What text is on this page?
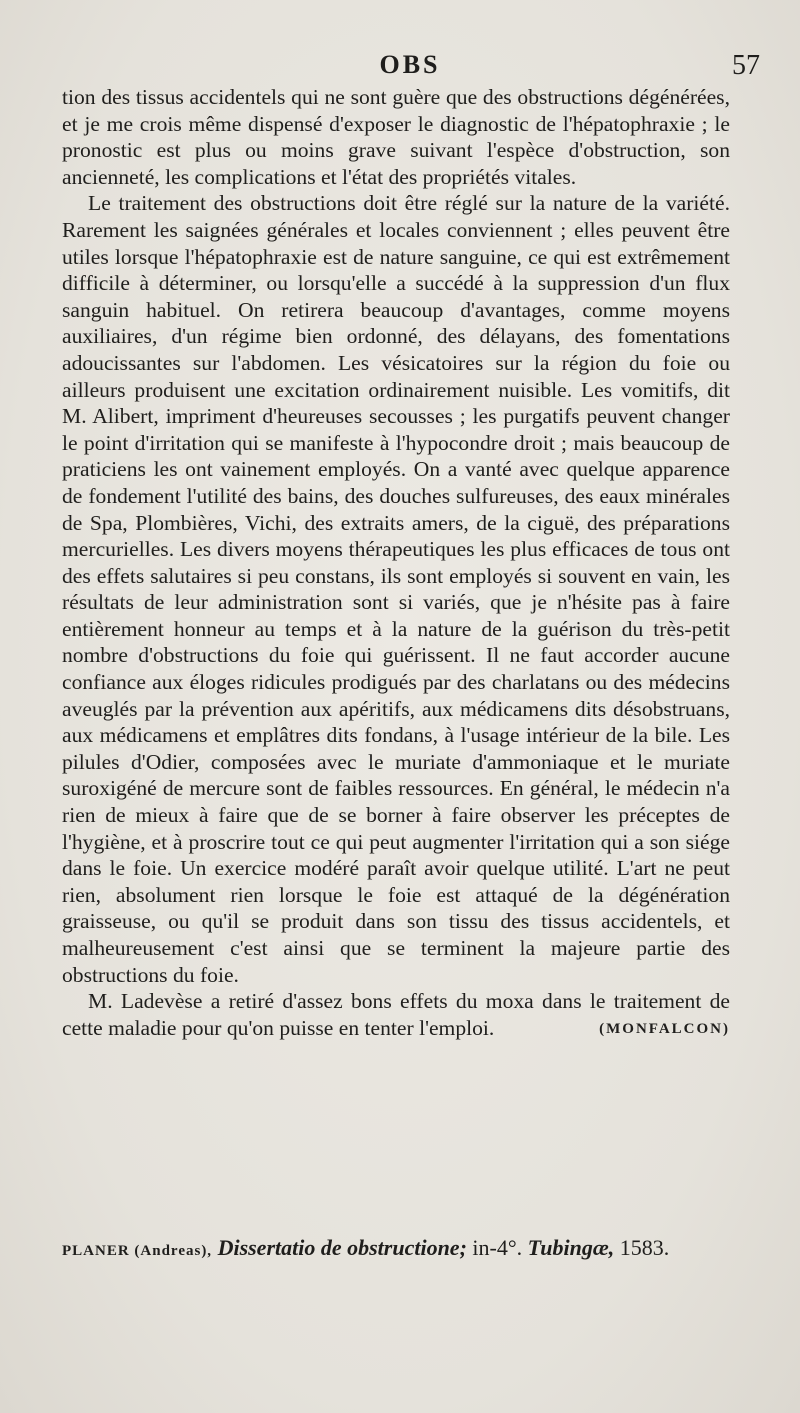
OBS	57

tion des tissus accidentels qui ne sont guère que des obstructions dégénérées, et je me crois même dispensé d'exposer le diagnostic de l'hépatophraxie ; le pronostic est plus ou moins grave suivant l'espèce d'obstruction, son ancienneté, les complications et l'état des propriétés vitales.

Le traitement des obstructions doit être réglé sur la nature de la variété. Rarement les saignées générales et locales conviennent ; elles peuvent être utiles lorsque l'hépatophraxie est de nature sanguine, ce qui est extrêmement difficile à déterminer, ou lorsqu'elle a succédé à la suppression d'un flux sanguin habituel. On retirera beaucoup d'avantages, comme moyens auxiliaires, d'un régime bien ordonné, des délayans, des fomentations adoucissantes sur l'abdomen. Les vésicatoires sur la région du foie ou ailleurs produisent une excitation ordinairement nuisible. Les vomitifs, dit M. Alibert, impriment d'heureuses secousses ; les purgatifs peuvent changer le point d'irritation qui se manifeste à l'hypocondre droit ; mais beaucoup de praticiens les ont vainement employés. On a vanté avec quelque apparence de fondement l'utilité des bains, des douches sulfureuses, des eaux minérales de Spa, Plombières, Vichi, des extraits amers, de la ciguë, des préparations mercurielles. Les divers moyens thérapeutiques les plus efficaces de tous ont des effets salutaires si peu constans, ils sont employés si souvent en vain, les résultats de leur administration sont si variés, que je n'hésite pas à faire entièrement honneur au temps et à la nature de la guérison du très-petit nombre d'obstructions du foie qui guérissent. Il ne faut accorder aucune confiance aux éloges ridicules prodigués par des charlatans ou des médecins aveuglés par la prévention aux apéritifs, aux médicamens dits désobstruans, aux médicamens et emplâtres dits fondans, à l'usage intérieur de la bile. Les pilules d'Odier, composées avec le muriate d'ammoniaque et le muriate suroxigéné de mercure sont de faibles ressources. En général, le médecin n'a rien de mieux à faire que de se borner à faire observer les préceptes de l'hygiène, et à proscrire tout ce qui peut augmenter l'irritation qui a son siége dans le foie. Un exercice modéré paraît avoir quelque utilité. L'art ne peut rien, absolument rien lorsque le foie est attaqué de la dégénération graisseuse, ou qu'il se produit dans son tissu des tissus accidentels, et malheureusement c'est ainsi que se terminent la majeure partie des obstructions du foie.

M. Ladevèse a retiré d'assez bons effets du moxa dans le traitement de cette maladie pour qu'on puisse en tenter l'emploi.	(MONFALCON)

PLANER (Andreas), Dissertatio de obstructione; in-4°. Tubingæ, 1583.
